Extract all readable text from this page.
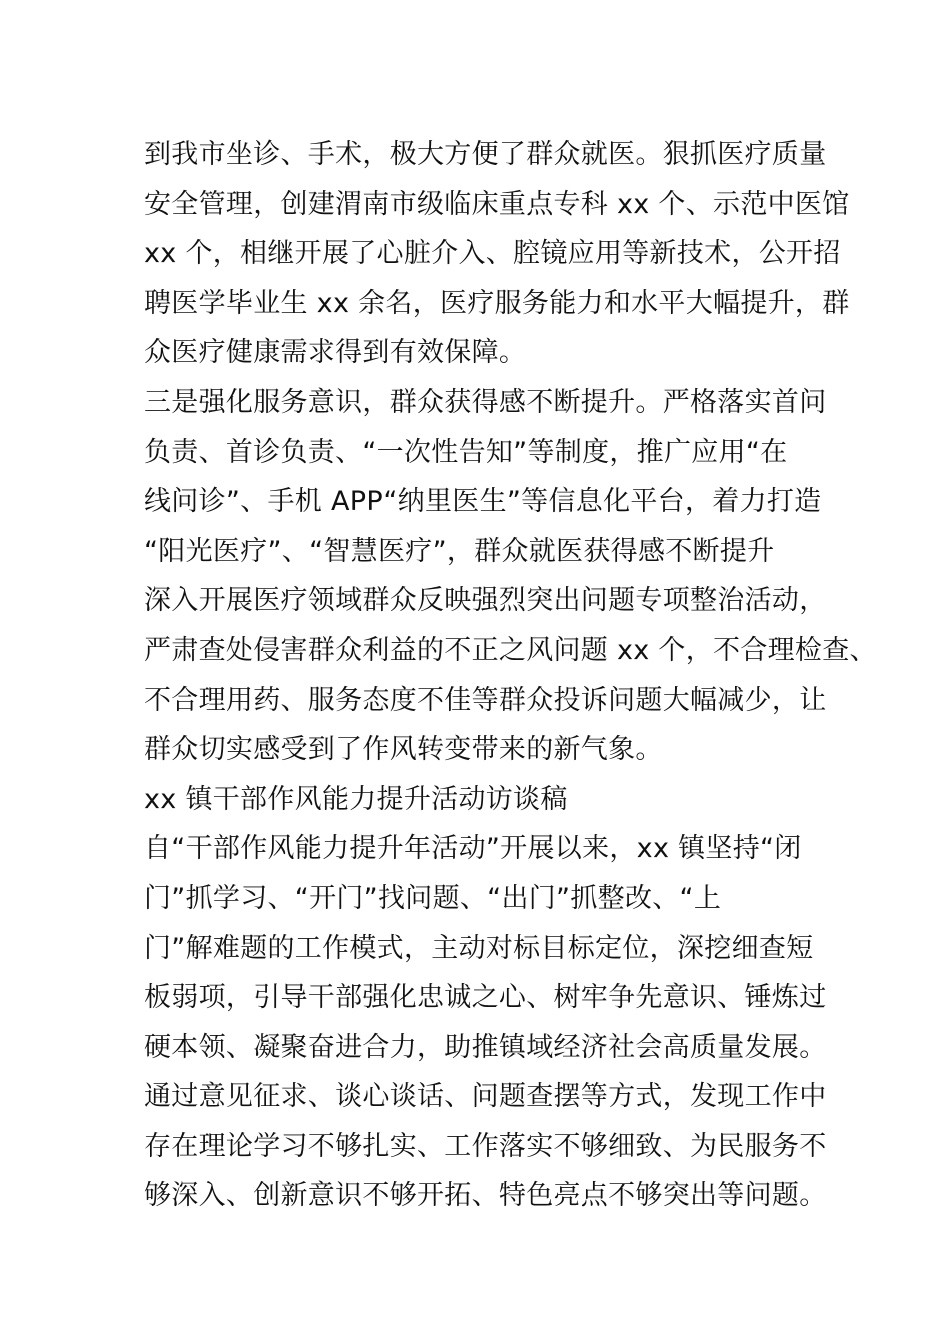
到我市坐诊、手术，极大方便了群众就医。狠抓医疗质量
安全管理，创建渭南市级临床重点专科 xx 个、示范中医馆
xx 个，相继开展了心脏介入、腔镜应用等新技术，公开招
聘医学毕业生 xx 余名，医疗服务能力和水平大幅提升，群
众医疗健康需求得到有效保障。
三是强化服务意识，群众获得感不断提升。严格落实首问
负责、首诊负责、“一次性告知”等制度，推广应用“在
线问诊”、手机 APP“纳里医生”等信息化平台，着力打造
“阳光医疗”、“智慧医疗”，群众就医获得感不断提升
深入开展医疗领域群众反映强烈突出问题专项整治活动，
严肃查处侵害群众利益的不正之风问题 xx 个，不合理检查、
不合理用药、服务态度不佳等群众投诉问题大幅减少，让
群众切实感受到了作风转变带来的新气象。
xx 镇干部作风能力提升活动访谈稿
自“干部作风能力提升年活动”开展以来，xx 镇坚持“闭
门”抓学习、“开门”找问题、“出门”抓整改、“上
门”解难题的工作模式，主动对标目标定位，深挖细查短
板弱项，引导干部强化忠诚之心、树牢争先意识、锤炼过
硬本领、凝聚奋进合力，助推镇域经济社会高质量发展。
通过意见征求、谈心谈话、问题查摆等方式，发现工作中
存在理论学习不够扎实、工作落实不够细致、为民服务不
够深入、创新意识不够开拓、特色亮点不够突出等问题。
